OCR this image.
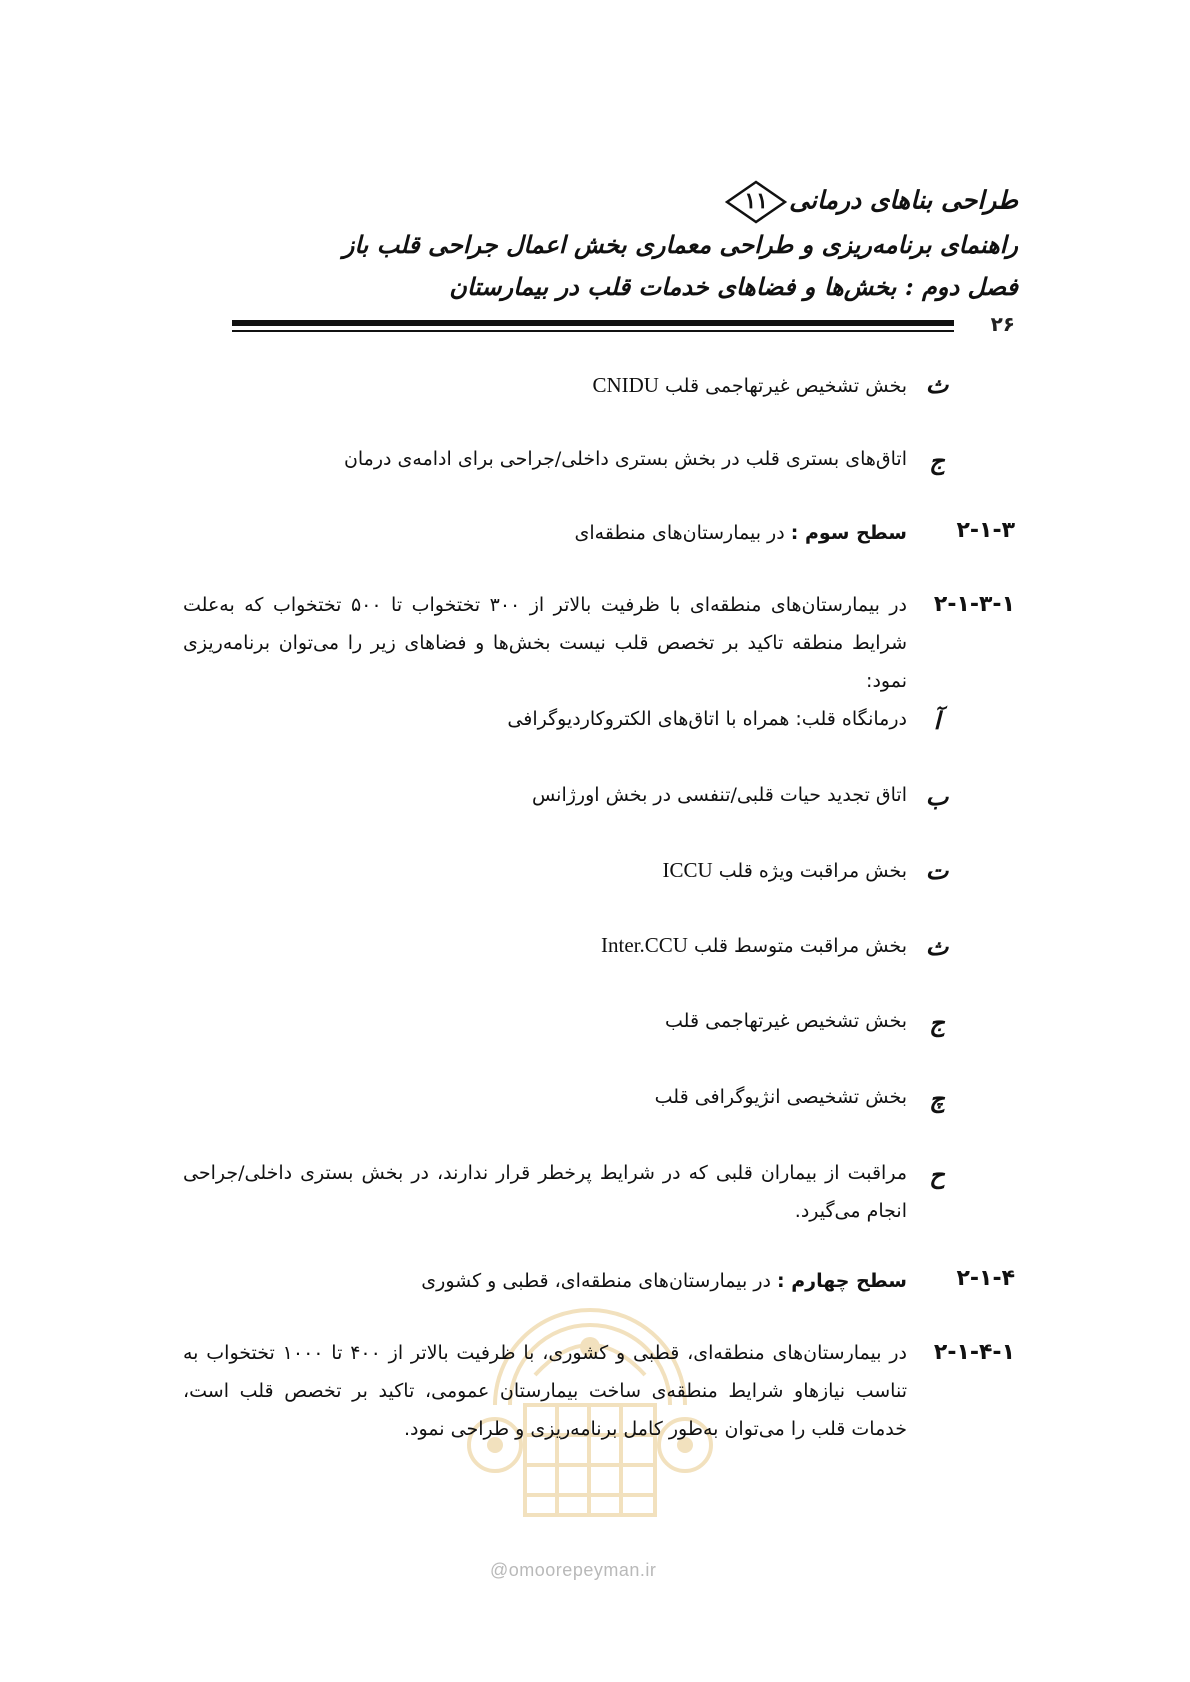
طراحی بناهای درمانی
۱۱
راهنمای برنامه‌ریزی و طراحی معماری بخش اعمال جراحی قلب باز
فصل دوم : بخش‌ها و فضاهای خدمات قلب در بیمارستان
۲۶
ث
بخش تشخیص غیرتهاجمی قلب CNIDU
ج
اتاق‌های بستری قلب در بخش بستری داخلی/جراحی برای ادامه‌ی درمان
۲-۱-۳
سطح سوم : در بیمارستان‌های منطقه‌ای
۲-۱-۳-۱
در بیمارستان‌های منطقه‌ای با ظرفیت بالاتر از ۳۰۰ تختخواب تا ۵۰۰ تختخواب که به‌علت شرایط منطقه تاکید بر تخصص قلب نیست بخش‌ها و فضاهای زیر را می‌توان برنامه‌ریزی نمود:
آ
درمانگاه قلب: همراه با اتاق‌های الکتروکاردیوگرافی
ب
اتاق تجدید حیات قلبی/تنفسی در بخش اورژانس
ت
بخش مراقبت ویژه قلب ICCU
ث
بخش مراقبت متوسط قلب Inter.CCU
ج
بخش تشخیص غیرتهاجمی قلب
چ
بخش تشخیصی انژیوگرافی قلب
ح
مراقبت از بیماران قلبی که در شرایط پرخطر قرار ندارند، در بخش بستری داخلی/جراحی انجام می‌گیرد.
۲-۱-۴
سطح چهارم : در بیمارستان‌های منطقه‌ای، قطبی و کشوری
@omoorepeyman.ir
۲-۱-۴-۱
در بیمارستان‌های منطقه‌ای، قطبی و کشوری، با ظرفیت بالاتر از ۴۰۰ تا ۱۰۰۰ تختخواب به تناسب نیازهاو شرایط منطقه‌ی ساخت بیمارستان عمومی، تاکید بر تخصص قلب است، خدمات قلب را می‌توان به‌طور کامل برنامه‌ریزی و طراحی نمود.
